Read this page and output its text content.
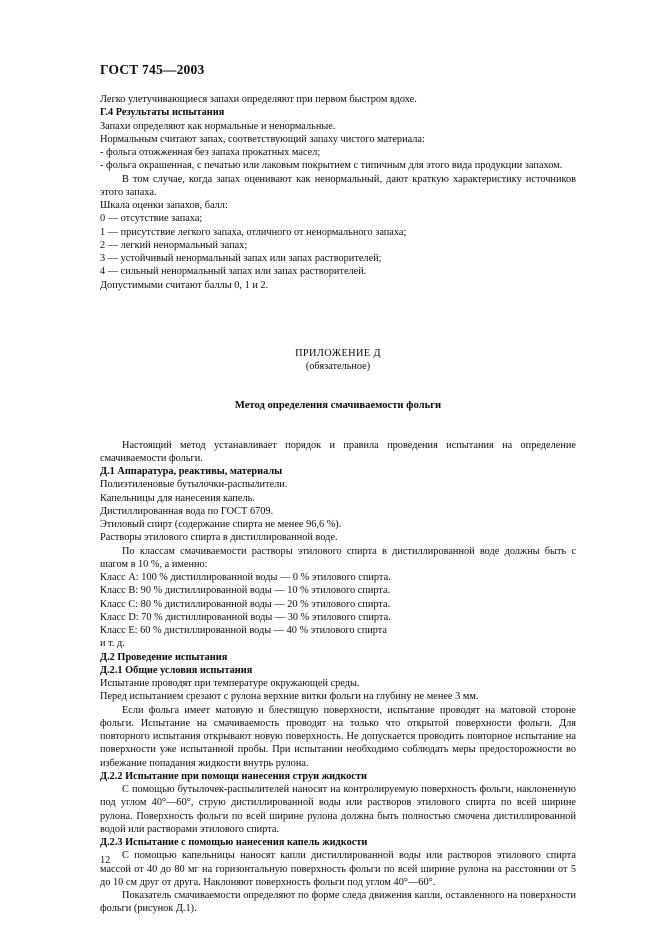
ГОСТ 745—2003
Легко улетучивающиеся запахи определяют при первом быстром вдохе.
Г.4 Результаты испытания
Запахи определяют как нормальные и ненормальные.
Нормальным считают запах, соответствующий запаху чистого материала:
- фольга отожженная без запаха прокатных масел;
- фольга окрашенная, с печатью или лаковым покрытием с типичным для этого вида продукции запахом.

В том случае, когда запах оценивают как ненормальный, дают краткую характеристику источников этого запаха.

Шкала оценки запахов, балл:
0 — отсутствие запаха;
1 — присутствие легкого запаха, отличного от ненормального запаха;
2 — легкий ненормальный запах;
3 — устойчивый ненормальный запах или запах растворителей;
4 — сильный ненормальный запах или запах растворителей.
Допустимыми считают баллы 0, 1 и 2.
ПРИЛОЖЕНИЕ Д
(обязательное)
Метод определения смачиваемости фольги

Настоящий метод устанавливает порядок и правила проведения испытания на определение смачиваемости фольги.

Д.1 Аппаратура, реактивы, материалы
Полиэтиленовые бутылочки-распылители.
Капельницы для нанесения капель.
Дистиллированная вода по ГОСТ 6709.
Этиловый спирт (содержание спирта не менее 96,6 %).
Растворы этилового спирта в дистиллированной воде.

По классам смачиваемости растворы этилового спирта в дистиллированной воде должны быть с шагом в 10 %, а именно:

Класс A: 100 % дистиллированной воды — 0 % этилового спирта.
Класс B: 90 % дистиллированной воды — 10 % этилового спирта.
Класс C: 80 % дистиллированной воды — 20 % этилового спирта.
Класс D: 70 % дистиллированной воды — 30 % этилового спирта.
Класс E: 60 % дистиллированной воды — 40 % этилового спирта
и т. д.
Д.2 Проведение испытания
Д.2.1 Общие условия испытания
Испытание проводят при температуре окружающей среды.
Перед испытанием срезают с рулона верхние витки фольги на глубину не менее 3 мм.

Если фольга имеет матовую и блестящую поверхности, испытание проводят на матовой стороне фольги. Испытание на смачиваемость проводят на только что открытой поверхности фольги. Для повторного испытания открывают новую поверхность. Не допускается проводить повторное испытание на поверхности уже испытанной пробы. При испытании необходимо соблюдать меры предосторожности во избежание попадания жидкости внутрь рулона.

Д.2.2 Испытание при помощи нанесения струи жидкости

С помощью бутылочек-распылителей наносят на контролируемую поверхность фольги, наклоненную под углом 40°—60°, струю дистиллированной воды или растворов этилового спирта по всей ширине рулона. Поверхность фольги по всей ширине рулона должна быть полностью смочена дистиллированной водой или растворами этилового спирта.

Д.2.3 Испытание с помощью нанесения капель жидкости

С помощью капельницы наносят капли дистиллированной воды или растворов этилового спирта массой от 40 до 80 мг на горизонтальную поверхность фольги по всей ширине рулона на расстоянии от 5 до 10 см друг от друга. Наклоняют поверхность фольги под углом 40°—60°.

Показатель смачиваемости определяют по форме следа движения капли, оставленного на поверхности фольги (рисунок Д.1).

12
